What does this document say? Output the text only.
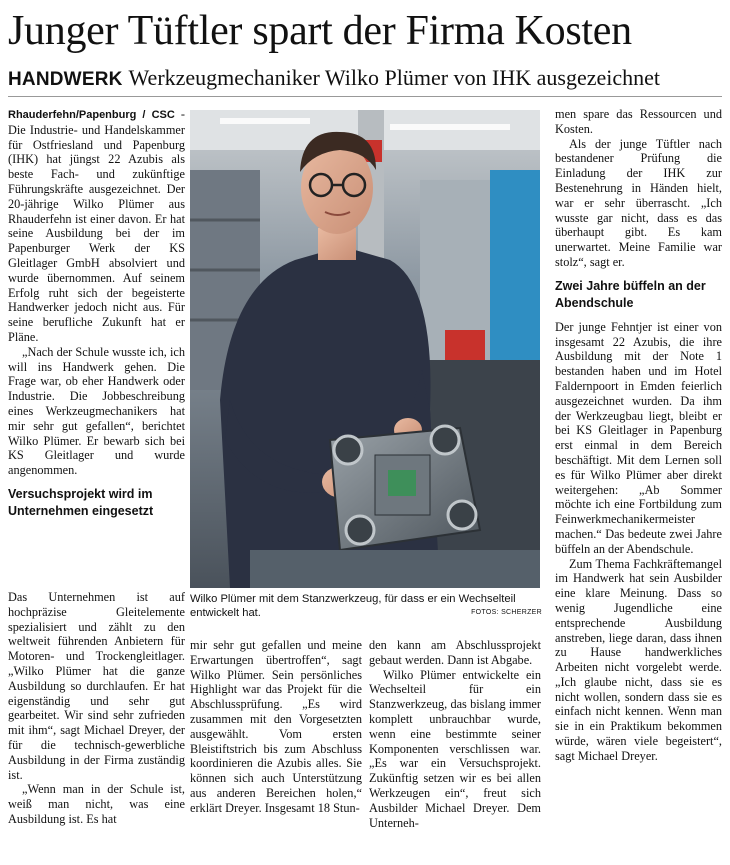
Junger Tüftler spart der Firma Kosten
HANDWERK Werkzeugmechaniker Wilko Plümer von IHK ausgezeichnet

Rhauderfehn/Papenburg / CSC - Die Industrie- und Handelskammer für Ostfriesland und Papenburg (IHK) hat jüngst 22 Azubis als beste Fach- und zukünftige Führungskräfte ausgezeichnet. Der 20-jährige Wilko Plümer aus Rhauderfehn ist einer davon. Er hat seine Ausbildung bei der im Papenburger Werk der KS Gleitlager GmbH absolviert und wurde übernommen. Auf seinem Erfolg ruht sich der begeisterte Handwerker jedoch nicht aus. Für seine berufliche Zukunft hat er Pläne.

„Nach der Schule wusste ich, ich will ins Handwerk gehen. Die Frage war, ob eher Handwerk oder Industrie. Die Jobbeschreibung eines Werkzeugmechanikers hat mir sehr gut gefallen“, berichtet Wilko Plümer. Er bewarb sich bei KS Gleitlager und wurde angenommen.

Versuchsprojekt wird im Unternehmen eingesetzt

Das Unternehmen ist auf hochpräzise Gleitelemente spezialisiert und zählt zu den weltweit führenden Anbietern für Motoren- und Trockengleitlager. „Wilko Plümer hat die ganze Ausbildung so durchlaufen. Er hat eigenständig und sehr gut gearbeitet. Wir sind sehr zufrieden mit ihm“, sagt Michael Dreyer, der für die technisch-gewerbliche Ausbildung in der Firma zuständig ist.

„Wenn man in der Schule ist, weiß man nicht, was eine Ausbildung ist. Es hat

Wilko Plümer mit dem Stanzwerkzeug, für dass er ein Wechselteil entwickelt hat.	FOTOS: SCHERZER

mir sehr gut gefallen und meine Erwartungen übertroffen“, sagt Wilko Plümer. Sein persönliches Highlight war das Projekt für die Abschlussprüfung. „Es wird zusammen mit den Vorgesetzten ausgewählt. Vom ersten Bleistiftstrich bis zum Abschluss koordinieren die Azubis alles. Sie können sich auch Unterstützung aus anderen Bereichen holen,“ erklärt Dreyer. Insgesamt 18 Stun-

den kann am Abschlussprojekt gebaut werden. Dann ist Abgabe.

Wilko Plümer entwickelte ein Wechselteil für ein Stanzwerkzeug, das bislang immer komplett unbrauchbar wurde, wenn eine bestimmte seiner Komponenten verschlissen war. „Es war ein Versuchsprojekt. Zukünftig setzen wir es bei allen Werkzeugen ein“, freut sich Ausbilder Michael Dreyer. Dem Unterneh-

men spare das Ressourcen und Kosten.

Als der junge Tüftler nach bestandener Prüfung die Einladung der IHK zur Bestenehrung in Händen hielt, war er sehr überrascht. „Ich wusste gar nicht, dass es das überhaupt gibt. Es kam unerwartet. Meine Familie war stolz“, sagt er.

Zwei Jahre büffeln an der Abendschule

Der junge Fehntjer ist einer von insgesamt 22 Azubis, die ihre Ausbildung mit der Note 1 bestanden haben und im Hotel Faldernpoort in Emden feierlich ausgezeichnet wurden. Da ihm der Werkzeugbau liegt, bleibt er bei KS Gleitlager in Papenburg erst einmal in dem Bereich beschäftigt. Mit dem Lernen soll es für Wilko Plümer aber direkt weitergehen: „Ab Sommer möchte ich eine Fortbildung zum Feinwerkmechanikermeister machen.“ Das bedeute zwei Jahre büffeln an der Abendschule.

Zum Thema Fachkräftemangel im Handwerk hat sein Ausbilder eine klare Meinung. Dass so wenig Jugendliche eine entsprechende Ausbildung anstreben, liege daran, dass ihnen zu Hause handwerkliches Arbeiten nicht vorgelebt werde. „Ich glaube nicht, dass sie es nicht wollen, sondern dass sie es einfach nicht kennen. Wenn man sie in ein Praktikum bekommen würde, wären viele begeistert“, sagt Michael Dreyer.
